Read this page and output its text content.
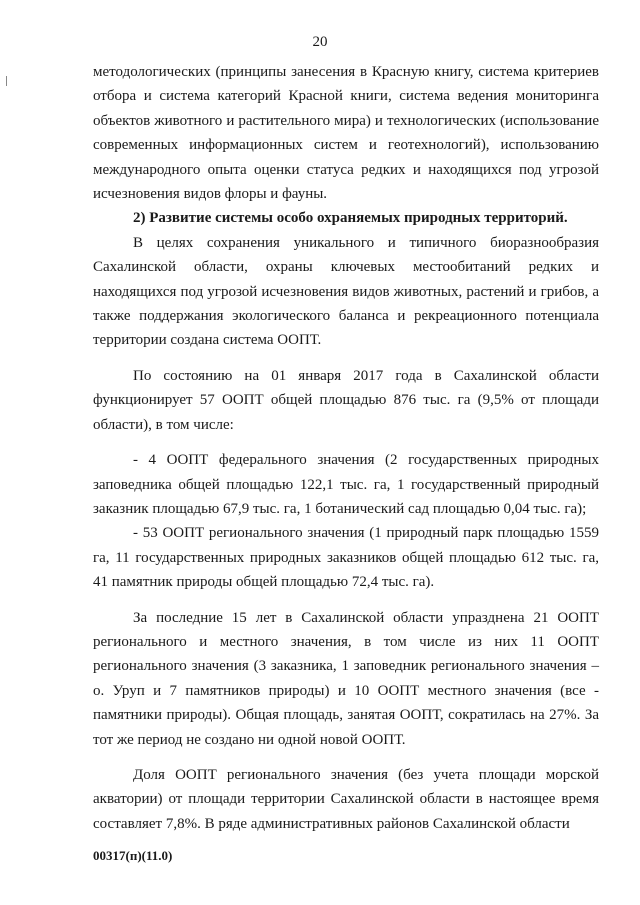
20

методологических (принципы занесения в Красную книгу, система критериев отбора и система категорий Красной книги, система ведения мониторинга объектов животного и растительного мира) и технологических (использование современных информационных систем и геотехнологий), использованию международного опыта оценки статуса редких и находящихся под угрозой исчезновения видов флоры и фауны.

2) Развитие системы особо охраняемых природных территорий.

В целях сохранения уникального и типичного биоразнообразия Сахалинской области, охраны ключевых местообитаний редких и находящихся под угрозой исчезновения видов животных, растений и грибов, а также поддержания экологического баланса и рекреационного потенциала территории создана система ООПТ.

По состоянию на 01 января 2017 года в Сахалинской области функционирует 57 ООПТ общей площадью 876 тыс. га (9,5% от площади области), в том числе:

- 4 ООПТ федерального значения (2 государственных природных заповедника общей площадью 122,1 тыс. га, 1 государственный природный заказник площадью 67,9 тыс. га, 1 ботанический сад площадью 0,04 тыс. га);

- 53 ООПТ регионального значения (1 природный парк площадью 1559 га, 11 государственных природных заказников общей площадью 612 тыс. га, 41 памятник природы общей площадью 72,4 тыс. га).

За последние 15 лет в Сахалинской области упразднена 21 ООПТ регионального и местного значения, в том числе из них 11 ООПТ регионального значения (3 заказника, 1 заповедник регионального значения – о. Уруп и 7 памятников природы) и 10 ООПТ местного значения (все - памятники природы). Общая площадь, занятая ООПТ, сократилась на 27%. За тот же период не создано ни одной новой ООПТ.

Доля ООПТ регионального значения (без учета площади морской акватории) от площади территории Сахалинской области в настоящее время составляет 7,8%. В ряде административных районов Сахалинской области

00317(п)(11.0)
